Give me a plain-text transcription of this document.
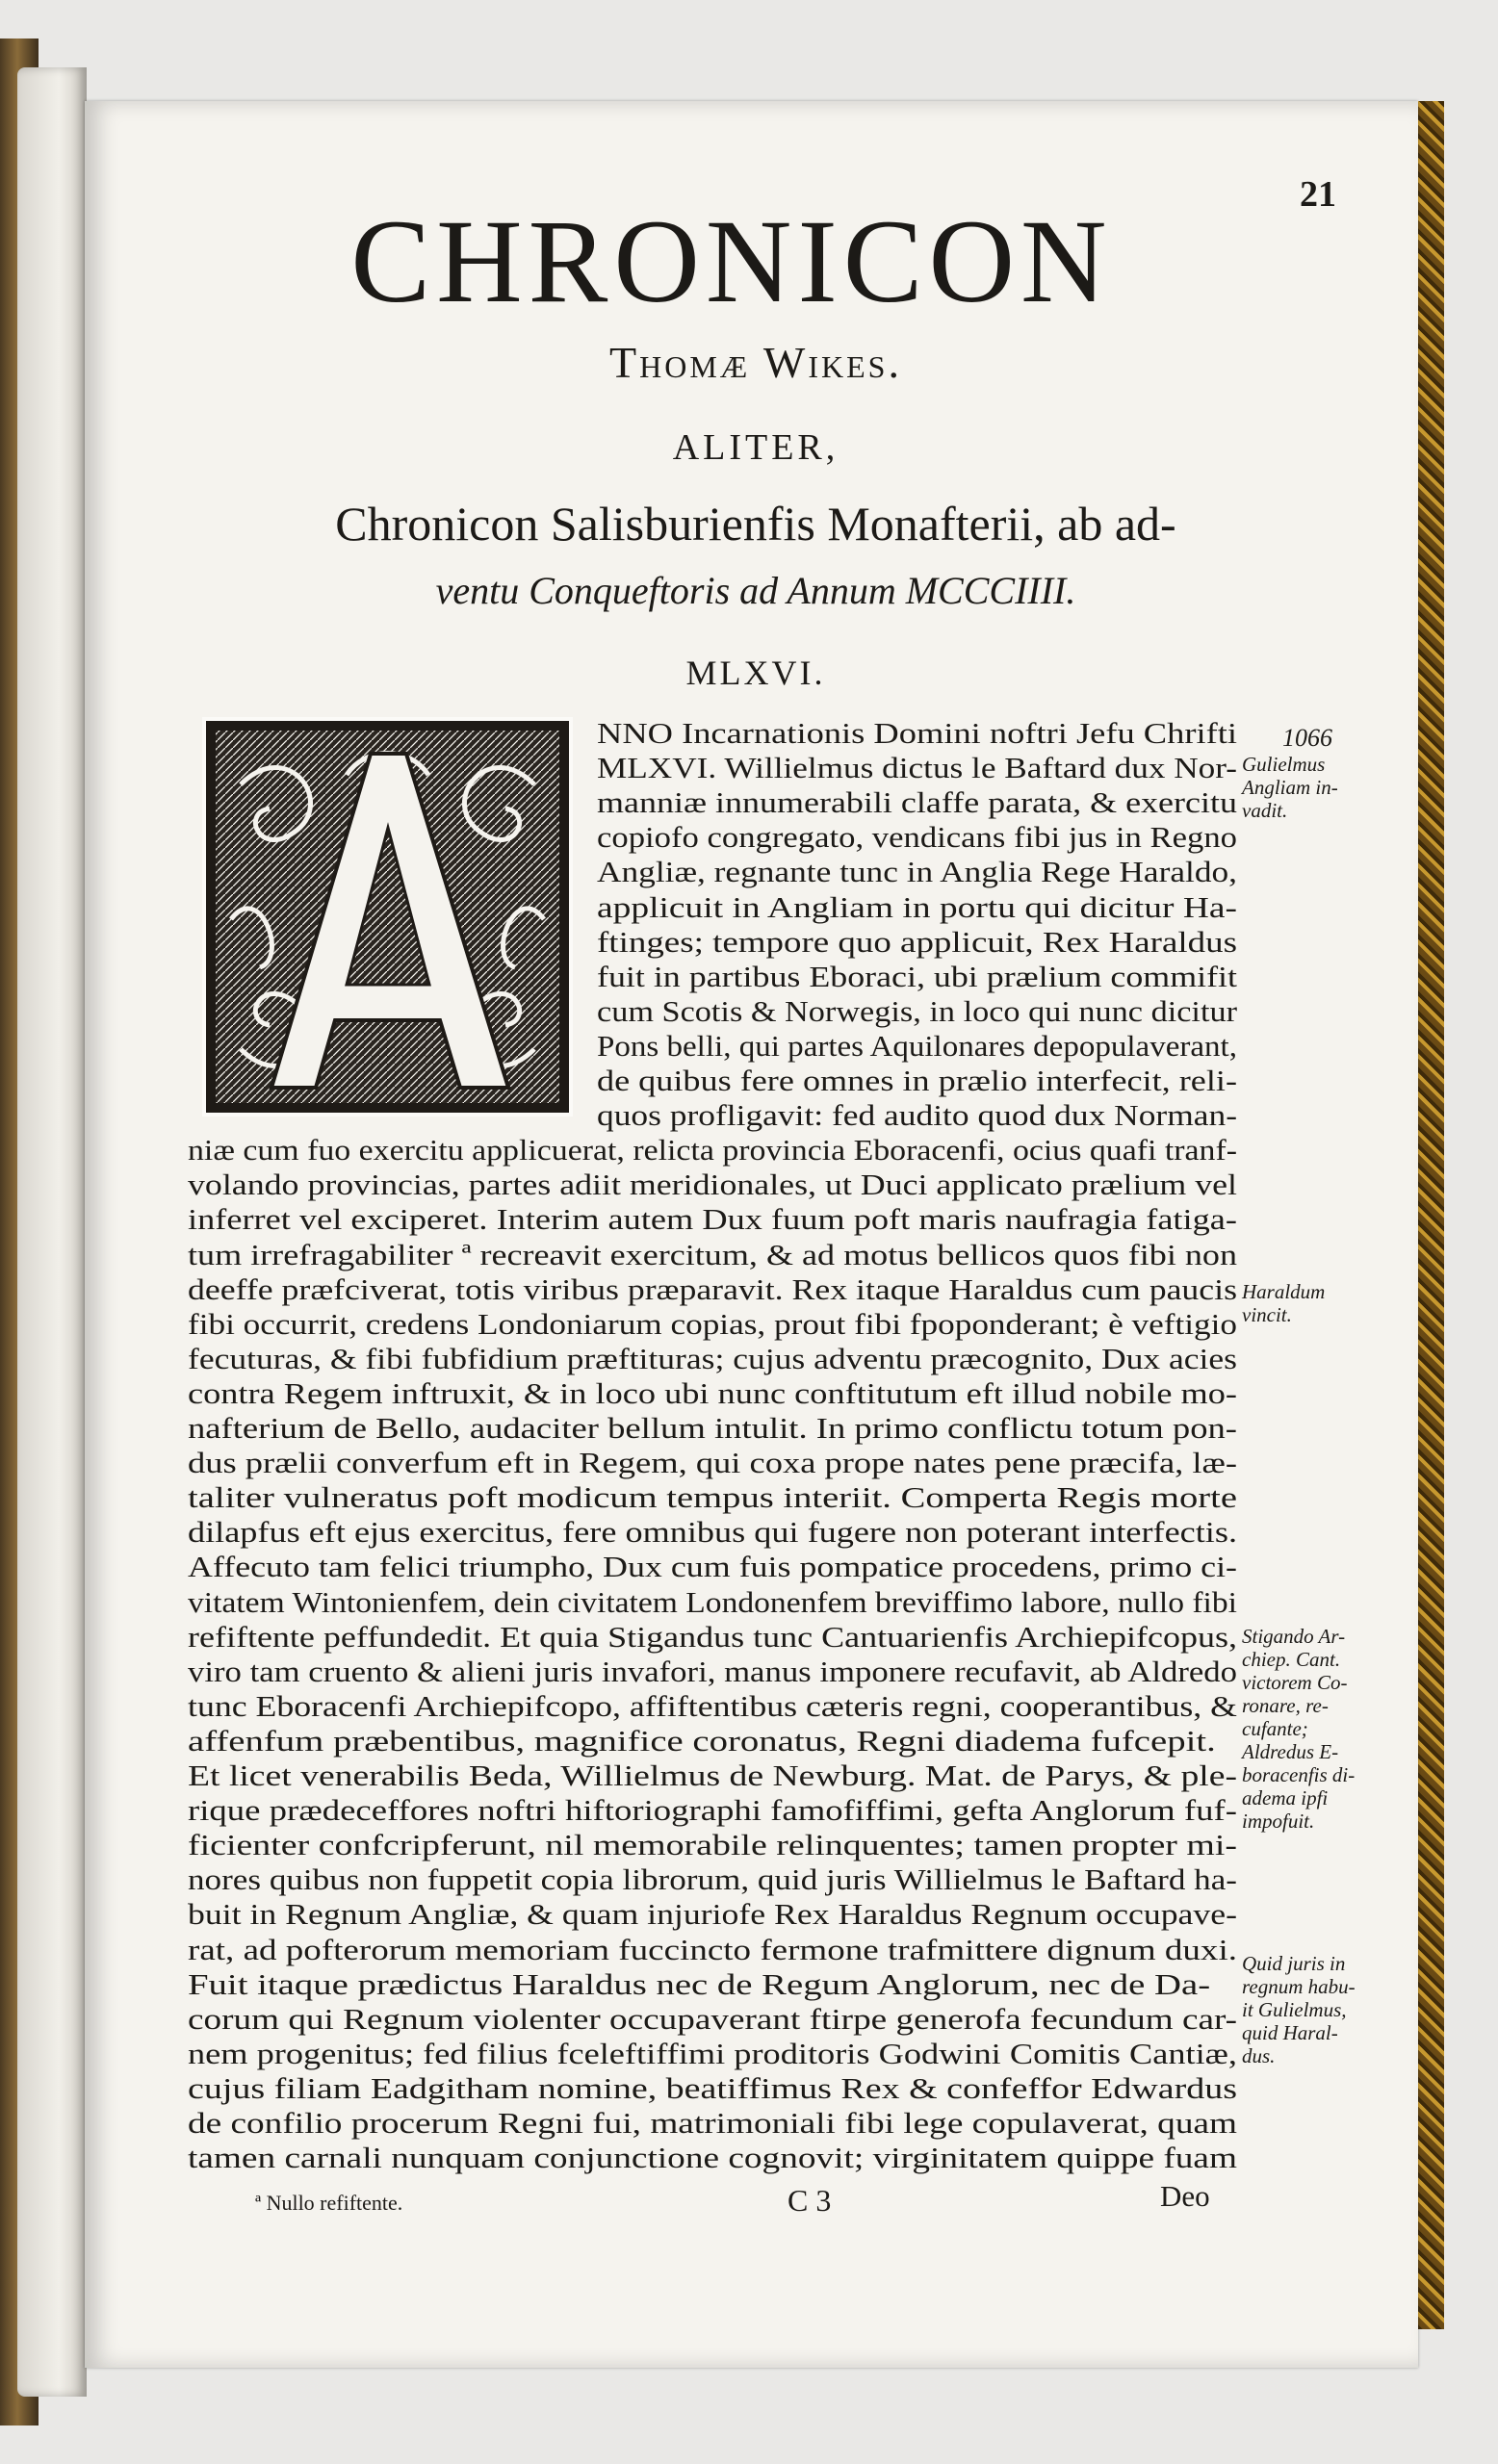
21
CHRONICON

Thomæ Wikes.

ALITER,

Chronicon Salisburienfis Monafterii, ab ad-

ventu Conqueftoris ad Annum MCCCIIII.

MLXVI.

NNO Incarnationis Domini noftri Jefu Chrifti

MLXVI. Willielmus dictus le Baftard dux Nor-

manniæ innumerabili claffe parata, & exercitu

copiofo congregato, vendicans fibi jus in Regno

Angliæ, regnante tunc in Anglia Rege Haraldo,

applicuit in Angliam in portu qui dicitur Ha-

ftinges; tempore quo applicuit, Rex Haraldus

fuit in partibus Eboraci, ubi prælium commifit

cum Scotis & Norwegis, in loco qui nunc dicitur

Pons belli, qui partes Aquilonares depopulaverant,

de quibus fere omnes in prælio interfecit, reli-

quos profligavit: fed audito quod dux Norman-

niæ cum fuo exercitu applicuerat, relicta provincia Eboracenfi, ocius quafi tranf-

volando provincias, partes adiit meridionales, ut Duci applicato prælium vel

inferret vel exciperet. Interim autem Dux fuum poft maris naufragia fatiga-

tum irrefragabiliter ª recreavit exercitum, & ad motus bellicos quos fibi non

deeffe præfciverat, totis viribus præparavit. Rex itaque Haraldus cum paucis

fibi occurrit, credens Londoniarum copias, prout fibi fpoponderant; è veftigio

fecuturas, & fibi fubfidium præftituras; cujus adventu præcognito, Dux acies

contra Regem inftruxit, & in loco ubi nunc conftitutum eft illud nobile mo-

nafterium de Bello, audaciter bellum intulit. In primo conflictu totum pon-

dus prælii converfum eft in Regem, qui coxa prope nates pene præcifa, læ-

taliter vulneratus poft modicum tempus interiit. Comperta Regis morte

dilapfus eft ejus exercitus, fere omnibus qui fugere non poterant interfectis.

Affecuto tam felici triumpho, Dux cum fuis pompatice procedens, primo ci-

vitatem Wintonienfem, dein civitatem Londonenfem breviffimo labore, nullo fibi

refiftente peffundedit. Et quia Stigandus tunc Cantuarienfis Archiepifcopus,

viro tam cruento & alieni juris invafori, manus imponere recufavit, ab Aldredo

tunc Eboracenfi Archiepifcopo, affiftentibus cæteris regni, cooperantibus, &

affenfum præbentibus, magnifice coronatus, Regni diadema fufcepit.

Et licet venerabilis Beda, Willielmus de Newburg. Mat. de Parys, & ple-

rique prædeceffores noftri hiftoriographi famofiffimi, gefta Anglorum fuf-

ficienter confcripferunt, nil memorabile relinquentes; tamen propter mi-

nores quibus non fuppetit copia librorum, quid juris Willielmus le Baftard ha-

buit in Regnum Angliæ, & quam injuriofe Rex Haraldus Regnum occupave-

rat, ad pofterorum memoriam fuccincto fermone trafmittere dignum duxi.

Fuit itaque prædictus Haraldus nec de Regum Anglorum, nec de Da-

corum qui Regnum violenter occupaverant ftirpe generofa fecundum car-

nem progenitus; fed filius fceleftiffimi proditoris Godwini Comitis Cantiæ,

cujus filiam Eadgitham nomine, beatiffimus Rex & confeffor Edwardus

de confilio procerum Regni fui, matrimoniali fibi lege copulaverat, quam

tamen carnali nunquam conjunctione cognovit; virginitatem quippe fuam

Gulielmus

Angliam in-

vadit.

Haraldum

vincit.

Stigando Ar-

chiep. Cant.

victorem Co-

ronare, re-

cufante;

Aldredus E-

boracenfis di-

adema ipfi

impofuit.

Quid juris in

regnum habu-

it Gulielmus,

quid Haral-

dus.

1066
ª Nullo refiftente.	C 3	Deo
